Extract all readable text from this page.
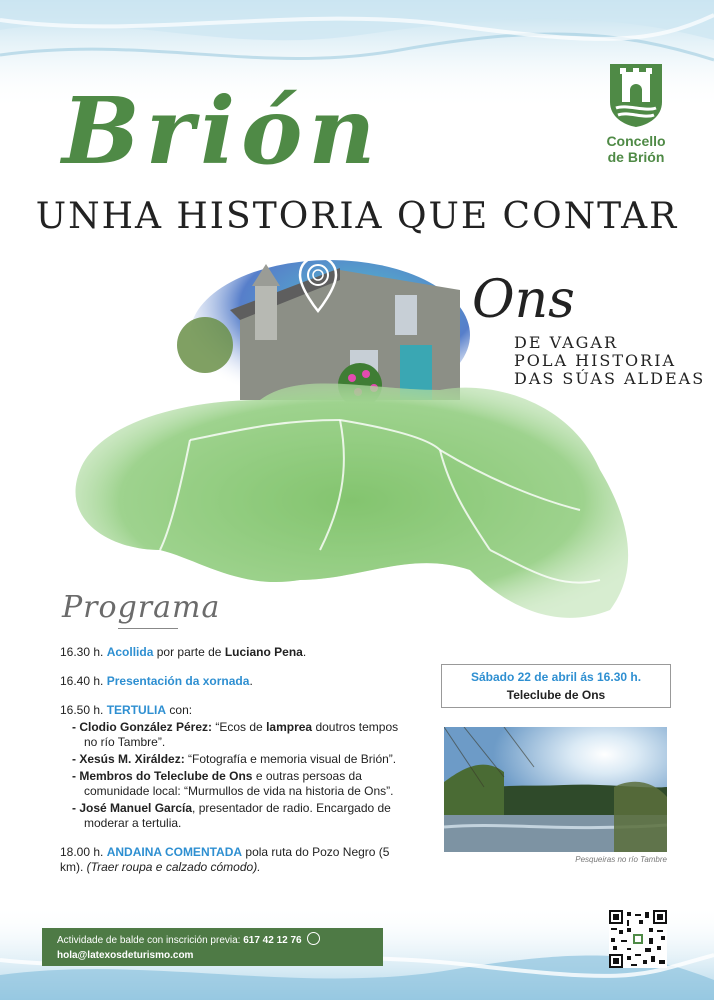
Brión
UNHA HISTORIA QUE CONTAR
Concello
de Brión
Ons
DE VAGAR
POLA HISTORIA
DAS SÚAS ALDEAS
Programa

16.30 h. Acollida por parte de Luciano Pena.

16.40 h. Presentación da xornada.

16.50 h. TERTULIA con:
- Clodio González Pérez: “Ecos de lamprea doutros tempos no río Tambre”.
- Xesús M. Xiráldez: “Fotografía e memoria visual de Brión”.
- Membros do Teleclube de Ons e outras persoas da comunidade local: “Murmullos de vida na historia de Ons”.
- José Manuel García, presentador de radio. Encargado de moderar a tertulia.

18.00 h. ANDAINA COMENTADA pola ruta do Pozo Negro (5 km). (Traer roupa e calzado cómodo).

Sábado 22 de abril ás 16.30 h.
Teleclube de Ons
Pesqueiras no río Tambre
Actividade de balde con inscrición previa: 617 42 12 76
hola@latexosdeturismo.com
